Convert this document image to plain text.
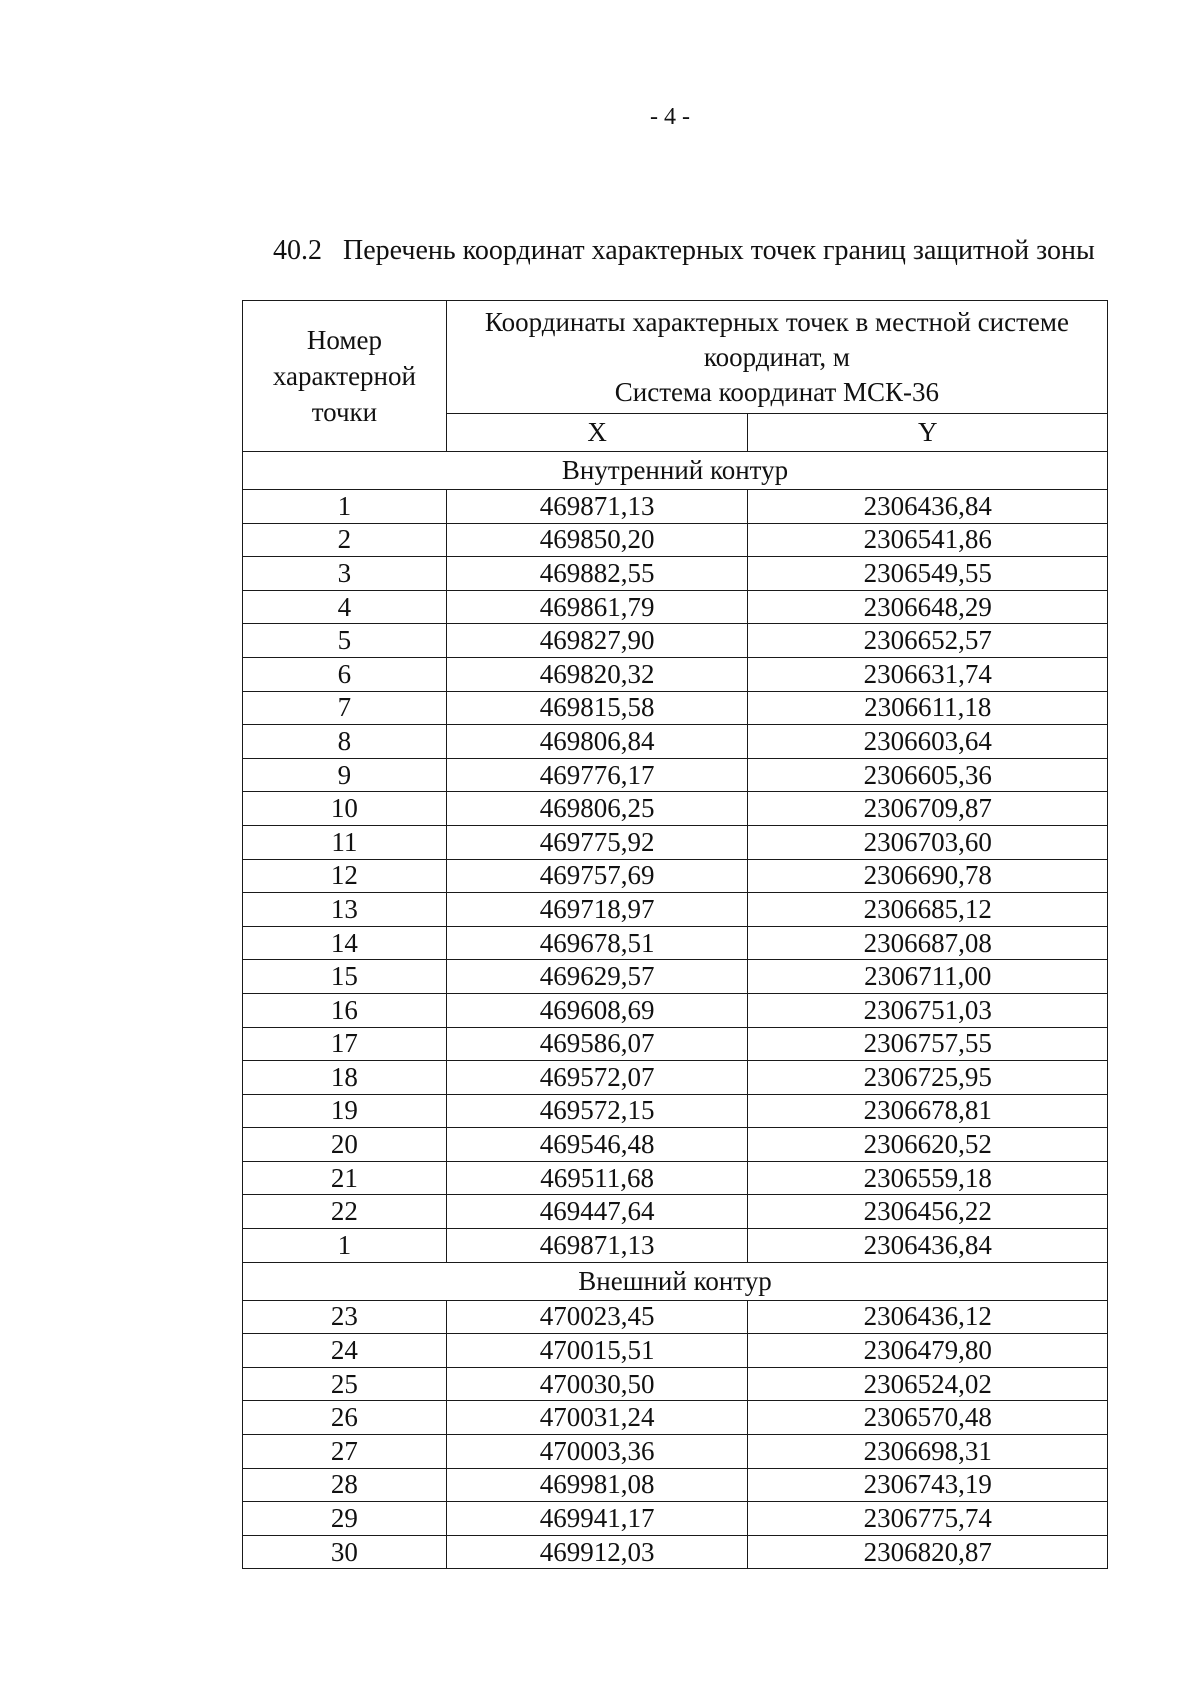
- 4 -
40.2 Перечень координат характерных точек границ защитной зоны
Номер характерной точки	Координаты характерных точек в местной системе
координат, м
Система координат МСК-36	

	X	Y
Внутренний контур		
1	469871,13	2306436,84
2	469850,20	2306541,86
3	469882,55	2306549,55
4	469861,79	2306648,29
5	469827,90	2306652,57
6	469820,32	2306631,74
7	469815,58	2306611,18
8	469806,84	2306603,64
9	469776,17	2306605,36
10	469806,25	2306709,87
11	469775,92	2306703,60
12	469757,69	2306690,78
13	469718,97	2306685,12
14	469678,51	2306687,08
15	469629,57	2306711,00
16	469608,69	2306751,03
17	469586,07	2306757,55
18	469572,07	2306725,95
19	469572,15	2306678,81
20	469546,48	2306620,52
21	469511,68	2306559,18
22	469447,64	2306456,22
1	469871,13	2306436,84
Внешний контур		
23	470023,45	2306436,12
24	470015,51	2306479,80
25	470030,50	2306524,02
26	470031,24	2306570,48
27	470003,36	2306698,31
28	469981,08	2306743,19
29	469941,17	2306775,74
30	469912,03	2306820,87
